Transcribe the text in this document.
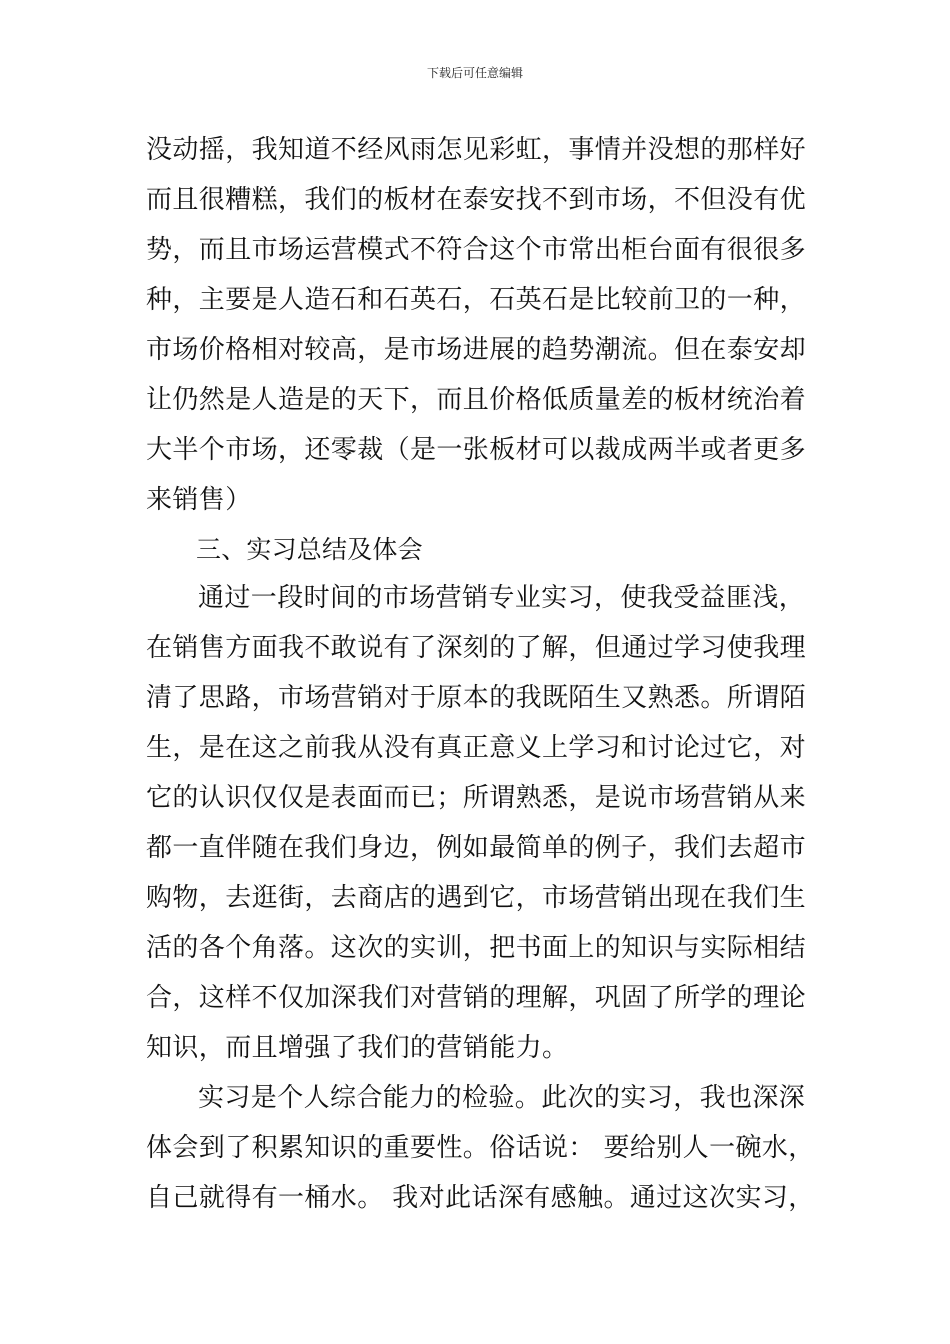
下载后可任意编辑
没动摇，我知道不经风雨怎见彩虹，事情并没想的那样好
而且很糟糕，我们的板材在泰安找不到市场，不但没有优
势，而且市场运营模式不符合这个市常出柜台面有很很多
种，主要是人造石和石英石，石英石是比较前卫的一种，
市场价格相对较高，是市场进展的趋势潮流。但在泰安却
让仍然是人造是的天下，而且价格低质量差的板材统治着
大半个市场，还零裁（是一张板材可以裁成两半或者更多
来销售）
三、实习总结及体会
通过一段时间的市场营销专业实习，使我受益匪浅，
在销售方面我不敢说有了深刻的了解，但通过学习使我理
清了思路，市场营销对于原本的我既陌生又熟悉。所谓陌
生，是在这之前我从没有真正意义上学习和讨论过它，对
它的认识仅仅是表面而已；所谓熟悉，是说市场营销从来
都一直伴随在我们身边，例如最简单的例子，我们去超市
购物，去逛街，去商店的遇到它，市场营销出现在我们生
活的各个角落。这次的实训，把书面上的知识与实际相结
合，这样不仅加深我们对营销的理解，巩固了所学的理论
知识，而且增强了我们的营销能力。
实习是个人综合能力的检验。此次的实习，我也深深
体会到了积累知识的重要性。俗话说： 要给别人一碗水，
自己就得有一桶水。 我对此话深有感触。通过这次实习，
